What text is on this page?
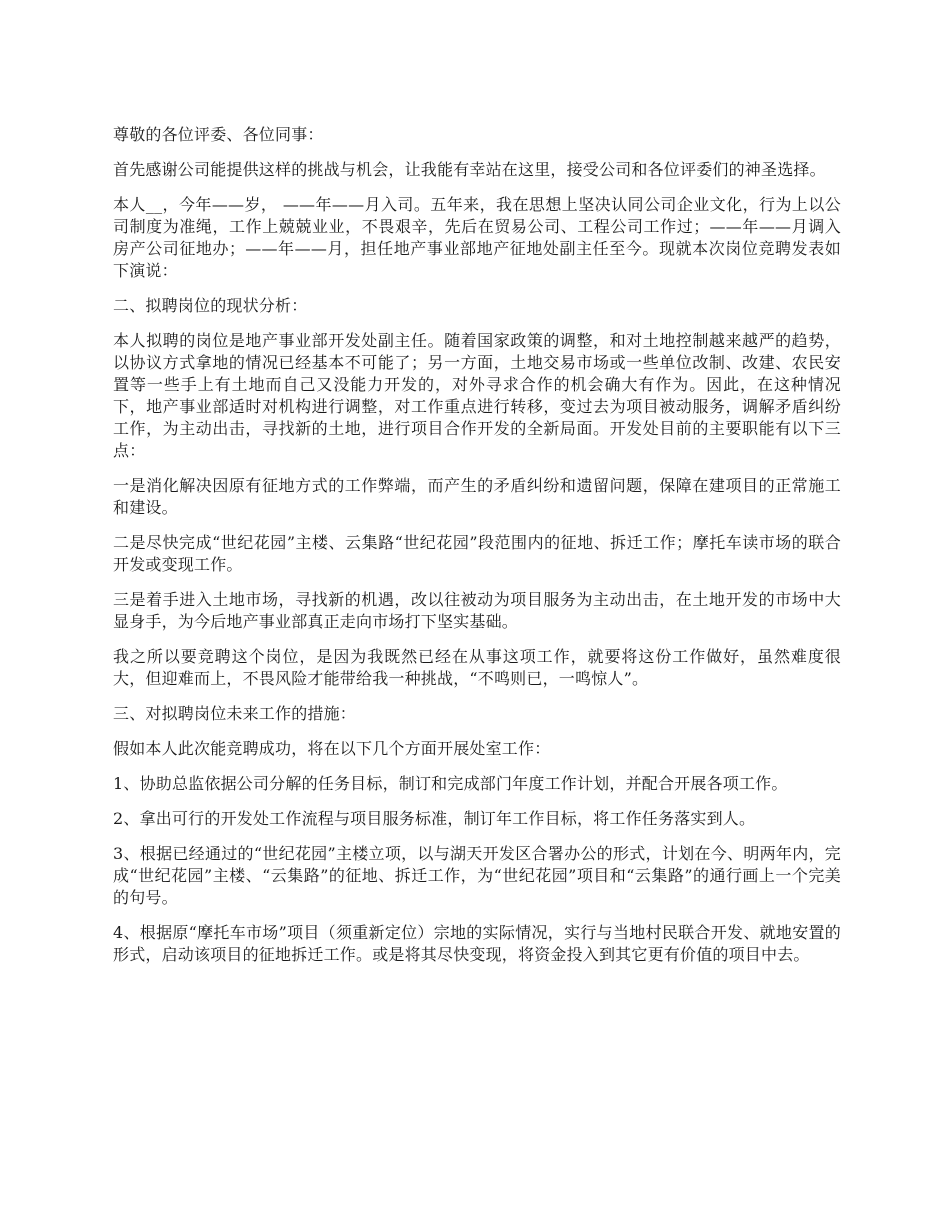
尊敬的各位评委、各位同事：

首先感谢公司能提供这样的挑战与机会，让我能有幸站在这里，接受公司和各位评委们的神圣选择。

本人__，今年——岁， ——年——月入司。五年来，我在思想上坚决认同公司企业文化，行为上以公司制度为准绳，工作上兢兢业业，不畏艰辛，先后在贸易公司、工程公司工作过；——年——月调入房产公司征地办；——年——月，担任地产事业部地产征地处副主任至今。现就本次岗位竞聘发表如下演说：

二、拟聘岗位的现状分析：

本人拟聘的岗位是地产事业部开发处副主任。随着国家政策的调整，和对土地控制越来越严的趋势，以协议方式拿地的情况已经基本不可能了；另一方面，土地交易市场或一些单位改制、改建、农民安置等一些手上有土地而自己又没能力开发的，对外寻求合作的机会确大有作为。因此，在这种情况下，地产事业部适时对机构进行调整，对工作重点进行转移，变过去为项目被动服务，调解矛盾纠纷工作，为主动出击，寻找新的土地，进行项目合作开发的全新局面。开发处目前的主要职能有以下三点：

一是消化解决因原有征地方式的工作弊端，而产生的矛盾纠纷和遗留问题，保障在建项目的正常施工和建设。

二是尽快完成“世纪花园”主楼、云集路“世纪花园”段范围内的征地、拆迁工作；摩托车读市场的联合开发或变现工作。

三是着手进入土地市场，寻找新的机遇，改以往被动为项目服务为主动出击，在土地开发的市场中大显身手，为今后地产事业部真正走向市场打下坚实基础。

我之所以要竞聘这个岗位，是因为我既然已经在从事这项工作，就要将这份工作做好，虽然难度很大，但迎难而上，不畏风险才能带给我一种挑战，“不鸣则已，一鸣惊人”。

三、对拟聘岗位未来工作的措施：

假如本人此次能竞聘成功，将在以下几个方面开展处室工作：

1、协助总监依据公司分解的任务目标，制订和完成部门年度工作计划，并配合开展各项工作。

2、拿出可行的开发处工作流程与项目服务标准，制订年工作目标，将工作任务落实到人。

3、根据已经通过的“世纪花园”主楼立项，以与湖天开发区合署办公的形式，计划在今、明两年内，完成“世纪花园”主楼、“云集路”的征地、拆迁工作，为“世纪花园”项目和“云集路”的通行画上一个完美的句号。

4、根据原“摩托车市场”项目（须重新定位）宗地的实际情况，实行与当地村民联合开发、就地安置的形式，启动该项目的征地拆迁工作。或是将其尽快变现，将资金投入到其它更有价值的项目中去。
